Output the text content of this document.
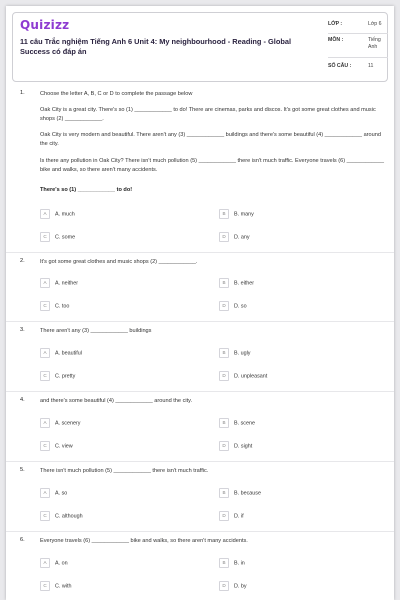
Quizizz
11 câu Trắc nghiệm Tiếng Anh 6 Unit 4: My neighbourhood - Reading - Global Success có đáp án
LỚP :	Lớp 6
MÔN :	Tiếng Anh
SỐ CÂU :	11
1.	Choose the letter A, B, C or D to complete the passage below
Oak City is a great city. There's so (1) ____________ to do! There are cinemas, parks and discos. It's got some great clothes and music shops (2) ____________.
Oak City is very modern and beautiful. There aren't any (3) ____________ buildings and there's some beautiful (4) ____________ around the city.
Is there any pollution in Oak City? There isn't much pollution (5) ____________ there isn't much traffic. Everyone travels (6) ____________ bike and walks, so there aren't many accidents.
There's so (1) ____________ to do!
A A. much	B B. many
C C. some	D D. any
2.	It's got some great clothes and music shops (2) ____________.
A A. neither	B B. either
C C. too	D D. so
3.	There aren't any (3) ____________ buildings
A A. beautiful	B B. ugly
C C. pretty	D D. unpleasant
4.	and there's some beautiful (4) ____________ around the city.
A A. scenery	B B. scene
C C. view	D D. sight
5.	There isn't much pollution (5) ____________ there isn't much traffic.
A A. so	B B. because
C C. although	D D. if
6.	Everyone travels (6) ____________ bike and walks, so there aren't many accidents.
A A. on	B B. in
C C. with	D D. by
